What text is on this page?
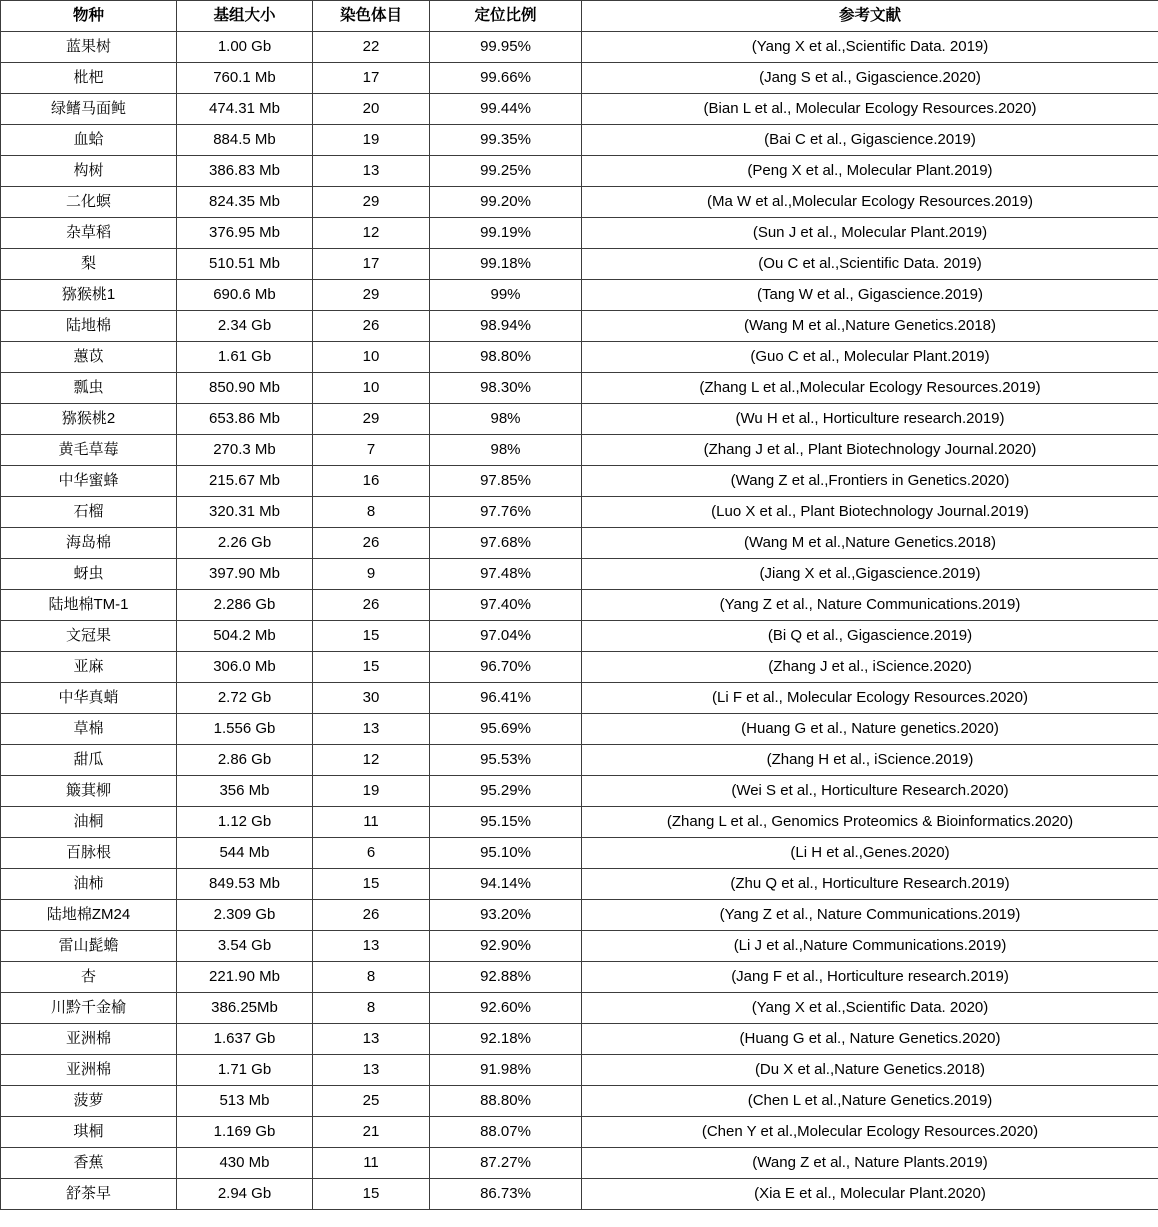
物种	基组大小	染色体目	定位比例	参考文献
蓝果树	1.00 Gb	22	99.95%	(Yang X et al.,Scientific Data. 2019)
枇杷	760.1 Mb	17	99.66%	(Jang S et al., Gigascience.2020)
绿鳍马面鲀	474.31 Mb	20	99.44%	(Bian L et al., Molecular Ecology Resources.2020)
血蛤	884.5 Mb	19	99.35%	(Bai C et al., Gigascience.2019)
构树	386.83 Mb	13	99.25%	(Peng X et al., Molecular Plant.2019)
二化螟	824.35 Mb	29	99.20%	(Ma W et al.,Molecular Ecology Resources.2019)
杂草稻	376.95 Mb	12	99.19%	(Sun J et al., Molecular Plant.2019)
梨	510.51 Mb	17	99.18%	(Ou C et al.,Scientific Data. 2019)
猕猴桃1	690.6 Mb	29	99%	(Tang W et al., Gigascience.2019)
陆地棉	2.34 Gb	26	98.94%	(Wang M et al.,Nature Genetics.2018)
蕙苡	1.61 Gb	10	98.80%	(Guo C et al., Molecular Plant.2019)
瓢虫	850.90 Mb	10	98.30%	(Zhang L et al.,Molecular Ecology Resources.2019)
猕猴桃2	653.86 Mb	29	98%	(Wu H et al., Horticulture research.2019)
黄毛草莓	270.3 Mb	7	98%	(Zhang J et al., Plant Biotechnology Journal.2020)
中华蜜蜂	215.67 Mb	16	97.85%	(Wang Z et al.,Frontiers in Genetics.2020)
石榴	320.31 Mb	8	97.76%	(Luo X et al., Plant Biotechnology Journal.2019)
海岛棉	2.26 Gb	26	97.68%	(Wang M et al.,Nature Genetics.2018)
蚜虫	397.90 Mb	9	97.48%	(Jiang X et al.,Gigascience.2019)
陆地棉TM-1	2.286 Gb	26	97.40%	(Yang Z et al., Nature Communications.2019)
文冠果	504.2 Mb	15	97.04%	(Bi Q et al., Gigascience.2019)
亚麻	306.0 Mb	15	96.70%	(Zhang J et al., iScience.2020)
中华真蛸	2.72 Gb	30	96.41%	(Li F et al., Molecular Ecology Resources.2020)
草棉	1.556 Gb	13	95.69%	(Huang G et al., Nature genetics.2020)
甜瓜	2.86 Gb	12	95.53%	(Zhang H et al., iScience.2019)
簸萁柳	356 Mb	19	95.29%	(Wei S et al., Horticulture Research.2020)
油桐	1.12 Gb	11	95.15%	(Zhang L et al., Genomics Proteomics & Bioinformatics.2020)
百脉根	544 Mb	6	95.10%	(Li H et al.,Genes.2020)
油柿	849.53 Mb	15	94.14%	(Zhu Q et al., Horticulture Research.2019)
陆地棉ZM24	2.309 Gb	26	93.20%	(Yang Z et al., Nature Communications.2019)
雷山髭蟾	3.54 Gb	13	92.90%	(Li J et al.,Nature Communications.2019)
杏	221.90 Mb	8	92.88%	(Jang F et al., Horticulture research.2019)
川黔千金榆	386.25Mb	8	92.60%	(Yang X et al.,Scientific Data. 2020)
亚洲棉	1.637 Gb	13	92.18%	(Huang G et al., Nature Genetics.2020)
亚洲棉	1.71 Gb	13	91.98%	(Du X et al.,Nature Genetics.2018)
菠萝	513 Mb	25	88.80%	(Chen L et al.,Nature Genetics.2019)
琪桐	1.169 Gb	21	88.07%	(Chen Y et al.,Molecular Ecology Resources.2020)
香蕉	430 Mb	11	87.27%	(Wang Z et al., Nature Plants.2019)
舒茶早	2.94 Gb	15	86.73%	(Xia E et al., Molecular Plant.2020)
